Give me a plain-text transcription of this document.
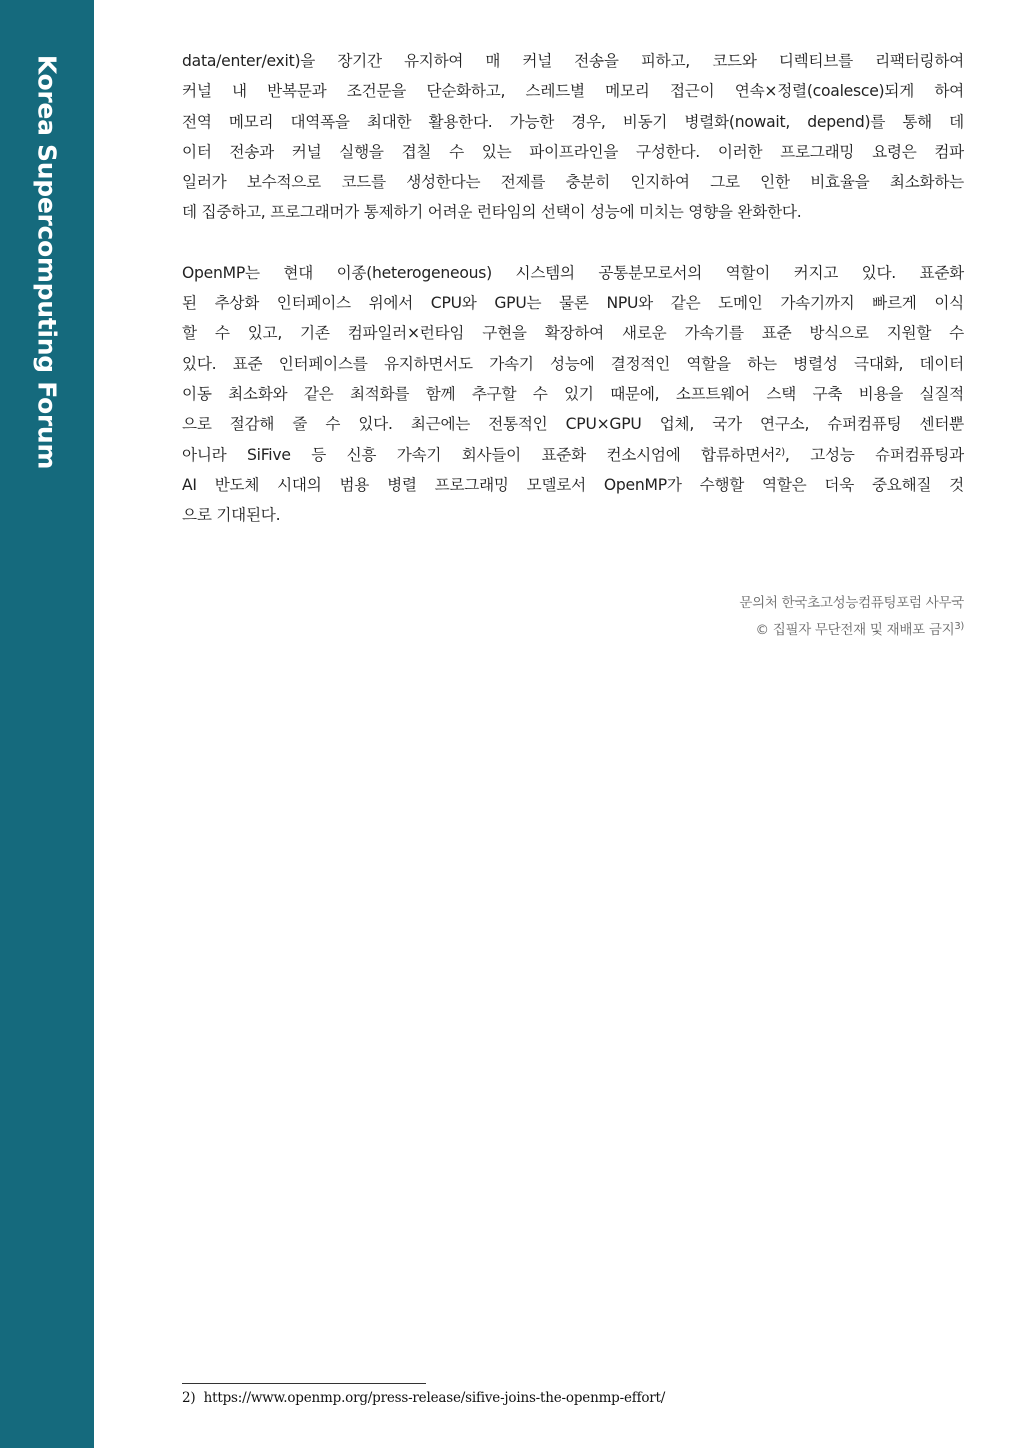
Korea Supercomputing Forum	data/enter/exit)을 장기간 유지하여 매 커널 전송을 피하고, 코드와 디렉티브를 리팩터링하여
커널 내 반복문과 조건문을 단순화하고, 스레드별 메모리 접근이 연속×정렬(coalesce)되게 하여
전역 메모리 대역폭을 최대한 활용한다. 가능한 경우, 비동기 병렬화(nowait, depend)를 통해 데
이터 전송과 커널 실행을 겹칠 수 있는 파이프라인을 구성한다. 이러한 프로그래밍 요령은 컴파
일러가 보수적으로 코드를 생성한다는 전제를 충분히 인지하여 그로 인한 비효율을 최소화하는
데 집중하고, 프로그래머가 통제하기 어려운 런타임의 선택이 성능에 미치는 영향을 완화한다.

OpenMP는 현대 이종(heterogeneous) 시스템의 공통분모로서의 역할이 커지고 있다. 표준화
된 추상화 인터페이스 위에서 CPU와 GPU는 물론 NPU와 같은 도메인 가속기까지 빠르게 이식
할 수 있고, 기존 컴파일러×런타임 구현을 확장하여 새로운 가속기를 표준 방식으로 지원할 수
있다. 표준 인터페이스를 유지하면서도 가속기 성능에 결정적인 역할을 하는 병렬성 극대화, 데이터
이동 최소화와 같은 최적화를 함께 추구할 수 있기 때문에, 소프트웨어 스택 구축 비용을 실질적
으로 절감해 줄 수 있다. 최근에는 전통적인 CPU×GPU 업체, 국가 연구소, 슈퍼컴퓨팅 센터뿐
아니라 SiFive 등 신흥 가속기 회사들이 표준화 컨소시엄에 합류하면서$^{2)}$, 고성능 슈퍼컴퓨팅과
AI 반도체 시대의 범용 병렬 프로그래밍 모델로서 OpenMP가 수행할 역할은 더욱 중요해질 것
으로 기대된다.

문의처 한국초고성능컴퓨팅포럼 사무국
© 집필자 무단전재 및 재배포 금지$^{3)}$
2) https://www.openmp.org/press-release/sifive-joins-the-openmp-effort/
